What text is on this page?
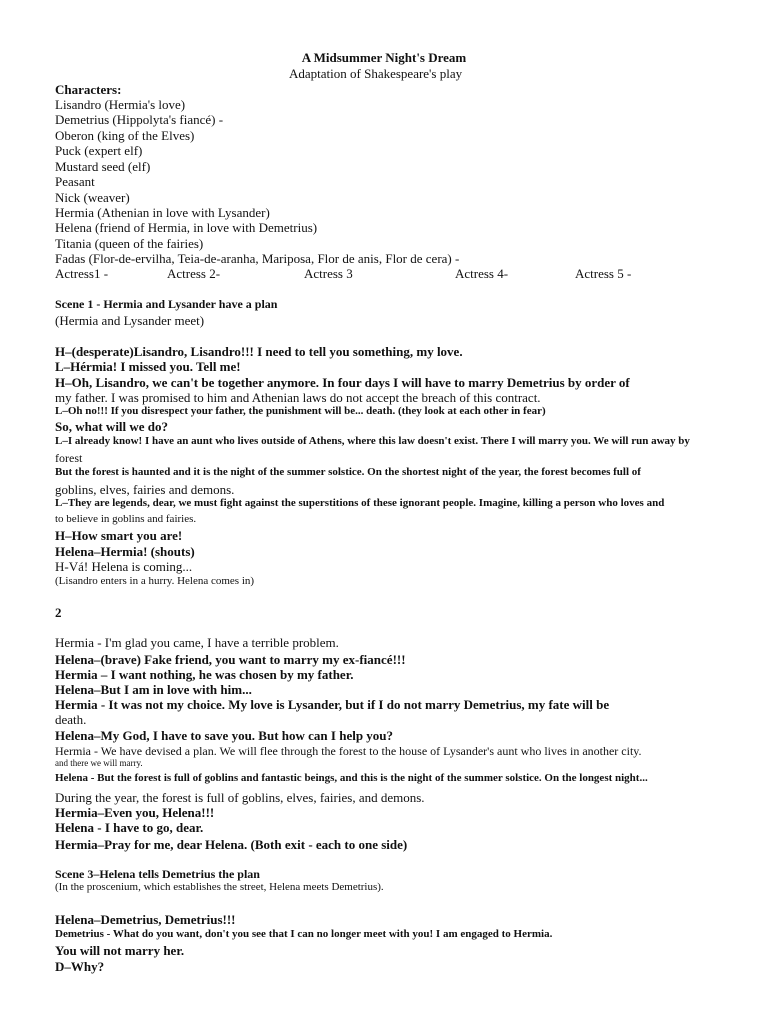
A Midsummer Night's Dream
Adaptation of Shakespeare's play
Characters:
Lisandro (Hermia's love)
Demetrius (Hippolyta's fiancé) -
Oberon (king of the Elves)
Puck (expert elf)
Mustard seed (elf)
Peasant
Nick (weaver)
Hermia (Athenian in love with Lysander)
Helena (friend of Hermia, in love with Demetrius)
Titania (queen of the fairies)
Fadas (Flor-de-ervilha, Teia-de-aranha, Mariposa, Flor de anis, Flor de cera) -
Actress1 -	Actress 2-	Actress 3	Actress 4-	Actress 5 -
Scene 1 - Hermia and Lysander have a plan
(Hermia and Lysander meet)
H–(desperate)Lisandro, Lisandro!!! I need to tell you something, my love.
L–Hérmia! I missed you. Tell me!
H–Oh, Lisandro, we can't be together anymore. In four days I will have to marry Demetrius by order of
my father. I was promised to him and Athenian laws do not accept the breach of this contract.
L–Oh no!!! If you disrespect your father, the punishment will be... death. (they look at each other in fear)
So, what will we do?
L–I already know! I have an aunt who lives outside of Athens, where this law doesn't exist. There I will marry you. We will run away by
forest
But the forest is haunted and it is the night of the summer solstice. On the shortest night of the year, the forest becomes full of
goblins, elves, fairies and demons.
L–They are legends, dear, we must fight against the superstitions of these ignorant people. Imagine, killing a person who loves and
to believe in goblins and fairies.
H–How smart you are!
Helena–Hermia! (shouts)
H-Vá! Helena is coming...
(Lisandro enters in a hurry. Helena comes in)
2
Hermia - I'm glad you came, I have a terrible problem.
Helena–(brave) Fake friend, you want to marry my ex-fiancé!!!
Hermia – I want nothing, he was chosen by my father.
Helena–But I am in love with him...
Hermia - It was not my choice. My love is Lysander, but if I do not marry Demetrius, my fate will be
death.
Helena–My God, I have to save you. But how can I help you?
Hermia - We have devised a plan. We will flee through the forest to the house of Lysander's aunt who lives in another city.
and there we will marry.
Helena - But the forest is full of goblins and fantastic beings, and this is the night of the summer solstice. On the longest night...
During the year, the forest is full of goblins, elves, fairies, and demons.
Hermia–Even you, Helena!!!
Helena - I have to go, dear.
Hermia–Pray for me, dear Helena. (Both exit - each to one side)
Scene 3–Helena tells Demetrius the plan
(In the proscenium, which establishes the street, Helena meets Demetrius).
Helena–Demetrius, Demetrius!!!
Demetrius - What do you want, don't you see that I can no longer meet with you! I am engaged to Hermia.
You will not marry her.
D–Why?
